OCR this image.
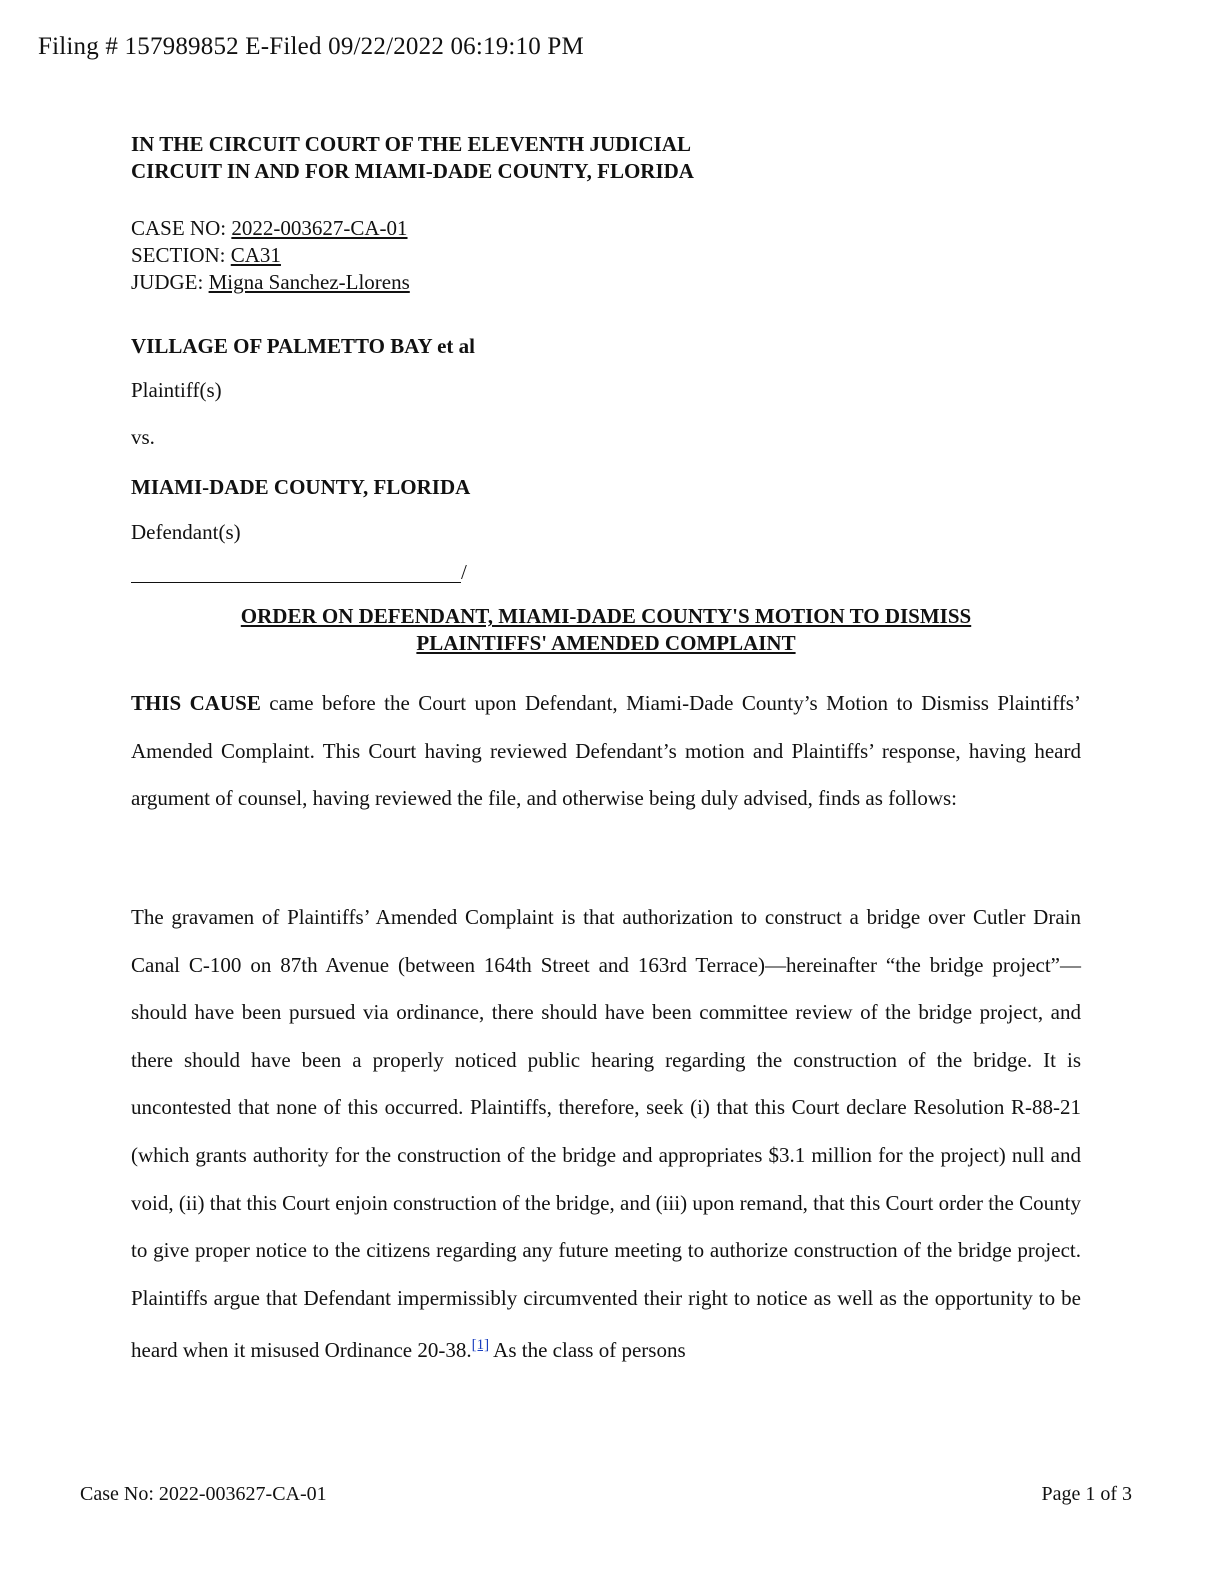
Filing # 157989852 E-Filed 09/22/2022 06:19:10 PM
IN THE CIRCUIT COURT OF THE ELEVENTH JUDICIAL
CIRCUIT IN AND FOR MIAMI-DADE COUNTY, FLORIDA
CASE NO: 2022-003627-CA-01
SECTION: CA31
JUDGE: Migna Sanchez-Llorens
VILLAGE OF PALMETTO BAY et al
Plaintiff(s)
vs.
MIAMI-DADE COUNTY, FLORIDA
Defendant(s)
/
ORDER ON DEFENDANT, MIAMI-DADE COUNTY'S MOTION TO DISMISS
PLAINTIFFS' AMENDED COMPLAINT

THIS CAUSE came before the Court upon Defendant, Miami-Dade County’s Motion to Dismiss Plaintiffs’ Amended Complaint. This Court having reviewed Defendant’s motion and Plaintiffs’ response, having heard argument of counsel, having reviewed the file, and otherwise being duly advised, finds as follows:

The gravamen of Plaintiffs’ Amended Complaint is that authorization to construct a bridge over Cutler Drain Canal C-100 on 87th Avenue (between 164th Street and 163rd Terrace)—hereinafter “the bridge project”—should have been pursued via ordinance, there should have been committee review of the bridge project, and there should have been a properly noticed public hearing regarding the construction of the bridge. It is uncontested that none of this occurred. Plaintiffs, therefore, seek (i) that this Court declare Resolution R-88-21 (which grants authority for the construction of the bridge and appropriates $3.1 million for the project) null and void, (ii) that this Court enjoin construction of the bridge, and (iii) upon remand, that this Court order the County to give proper notice to the citizens regarding any future meeting to authorize construction of the bridge project. Plaintiffs argue that Defendant impermissibly circumvented their right to notice as well as the opportunity to be heard when it misused Ordinance 20-38.[1] As the class of persons

Case No: 2022-003627-CA-01	Page 1 of 3
